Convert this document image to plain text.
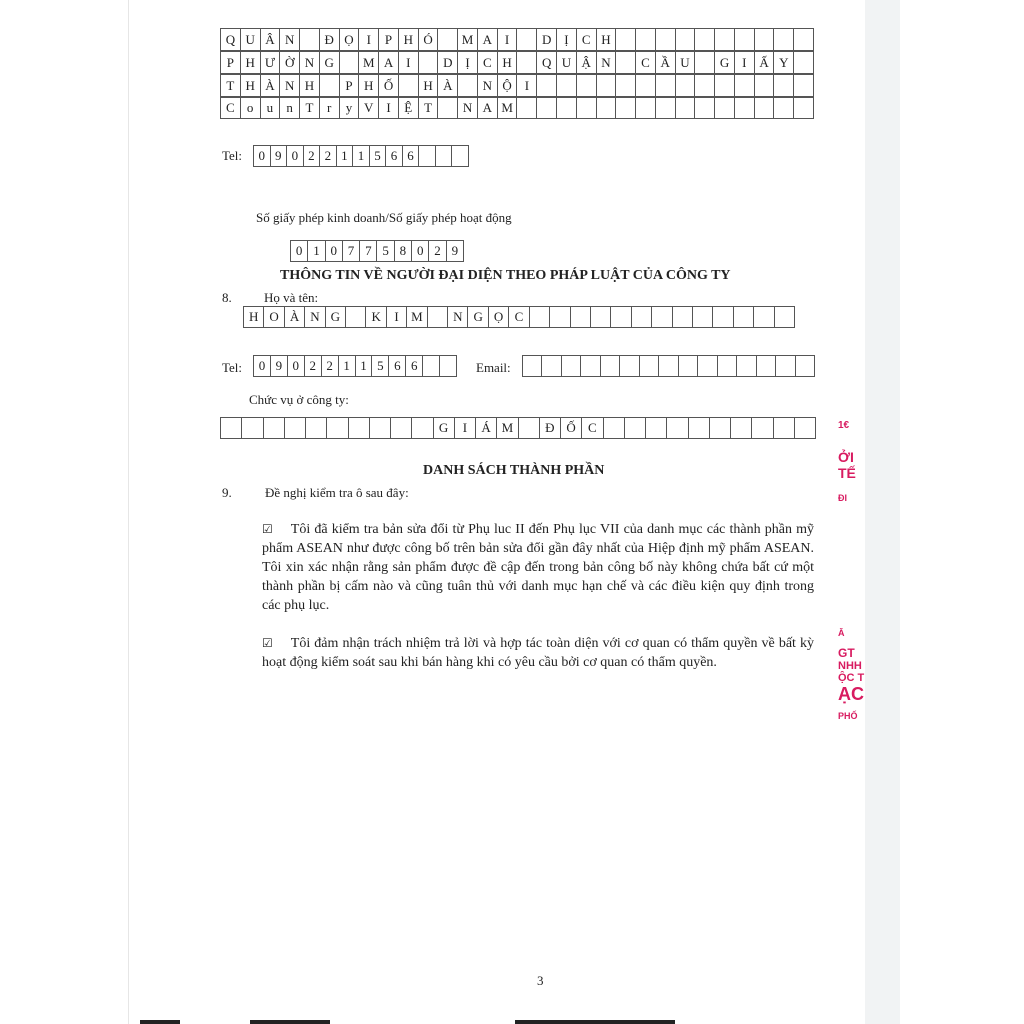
Q U Â N	Đ Ọ I	P H Ó	M A I	D Ị	C H
P H Ư Ờ N G	M A I	D Ị	C H	Q U Ậ N	C Ầ U	G I Ấ Y
T H À N H	P H Ố	H À	N Ộ I
C o	u	n T	r	y V I	Ệ T	N A M
Tel:	0 9 0 2 2 1 1 5 6 6
Số giấy phép kinh doanh/Số giấy phép hoạt động
0 1 0 7 7 5 8 0 2 9
THÔNG TIN VỀ NGƯỜI ĐẠI DIỆN THEO PHÁP LUẬT CỦA CÔNG TY
8. Họ và tên:
H O À N G	K	I M	N G Ọ C
Tel:	0 9 0 2 2 1 1 5 6 6	Email:
Chức vụ ở công ty:
G	I	Á M	Đ Ố C
DANH SÁCH THÀNH PHẦN
9.	Đề nghị kiểm tra ô sau đây:
☑ Tôi đã kiểm tra bản sửa đổi từ Phụ luc II đến Phụ lục VII của danh mục các thành phần mỹ phẩm ASEAN như được công bố trên bản sửa đổi gần đây nhất của Hiệp định mỹ phẩm ASEAN. Tôi xin xác nhận rằng sản phẩm được đề cập đến trong bản công bố này không chứa bất cứ một thành phần bị cấm nào và cũng tuân thủ với danh mục hạn chế và các điều kiện quy định trong các phụ lục.
☑ Tôi đảm nhận trách nhiệm trả lời và hợp tác toàn diện với cơ quan có thẩm quyền về bất kỳ hoạt động kiểm soát sau khi bán hàng khi có yêu cầu bởi cơ quan có thẩm quyền.
3
1€
ỞI
TẾ
ĐI
Ă
GT
NHH
ỘC T
ẠC
PHỐ
